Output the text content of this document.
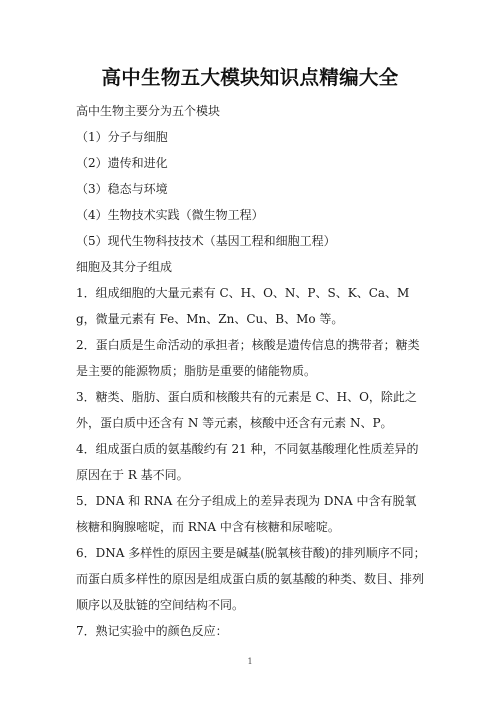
高中生物五大模块知识点精编大全

高中生物主要分为五个模块

（1）分子与细胞

（2）遗传和进化

（3）稳态与环境

（4）生物技术实践（微生物工程）

（5）现代生物科技技术（基因工程和细胞工程）

细胞及其分子组成

1．组成细胞的大量元素有 C、H、O、N、P、S、K、Ca、Mg，微量元素有 Fe、Mn、Zn、Cu、B、Mo 等。

2．蛋白质是生命活动的承担者；核酸是遗传信息的携带者；糖类是主要的能源物质；脂肪是重要的储能物质。

3．糖类、脂肪、蛋白质和核酸共有的元素是 C、H、O，除此之外，蛋白质中还含有 N 等元素，核酸中还含有元素 N、P。

4．组成蛋白质的氨基酸约有 21 种，不同氨基酸理化性质差异的原因在于 R 基不同。

5．DNA 和 RNA 在分子组成上的差异表现为 DNA 中含有脱氧核糖和胸腺嘧啶，而 RNA 中含有核糖和尿嘧啶。

6．DNA 多样性的原因主要是碱基(脱氧核苷酸)的排列顺序不同；而蛋白质多样性的原因是组成蛋白质的氨基酸的种类、数目、排列顺序以及肽链的空间结构不同。

7．熟记实验中的颜色反应：

1
